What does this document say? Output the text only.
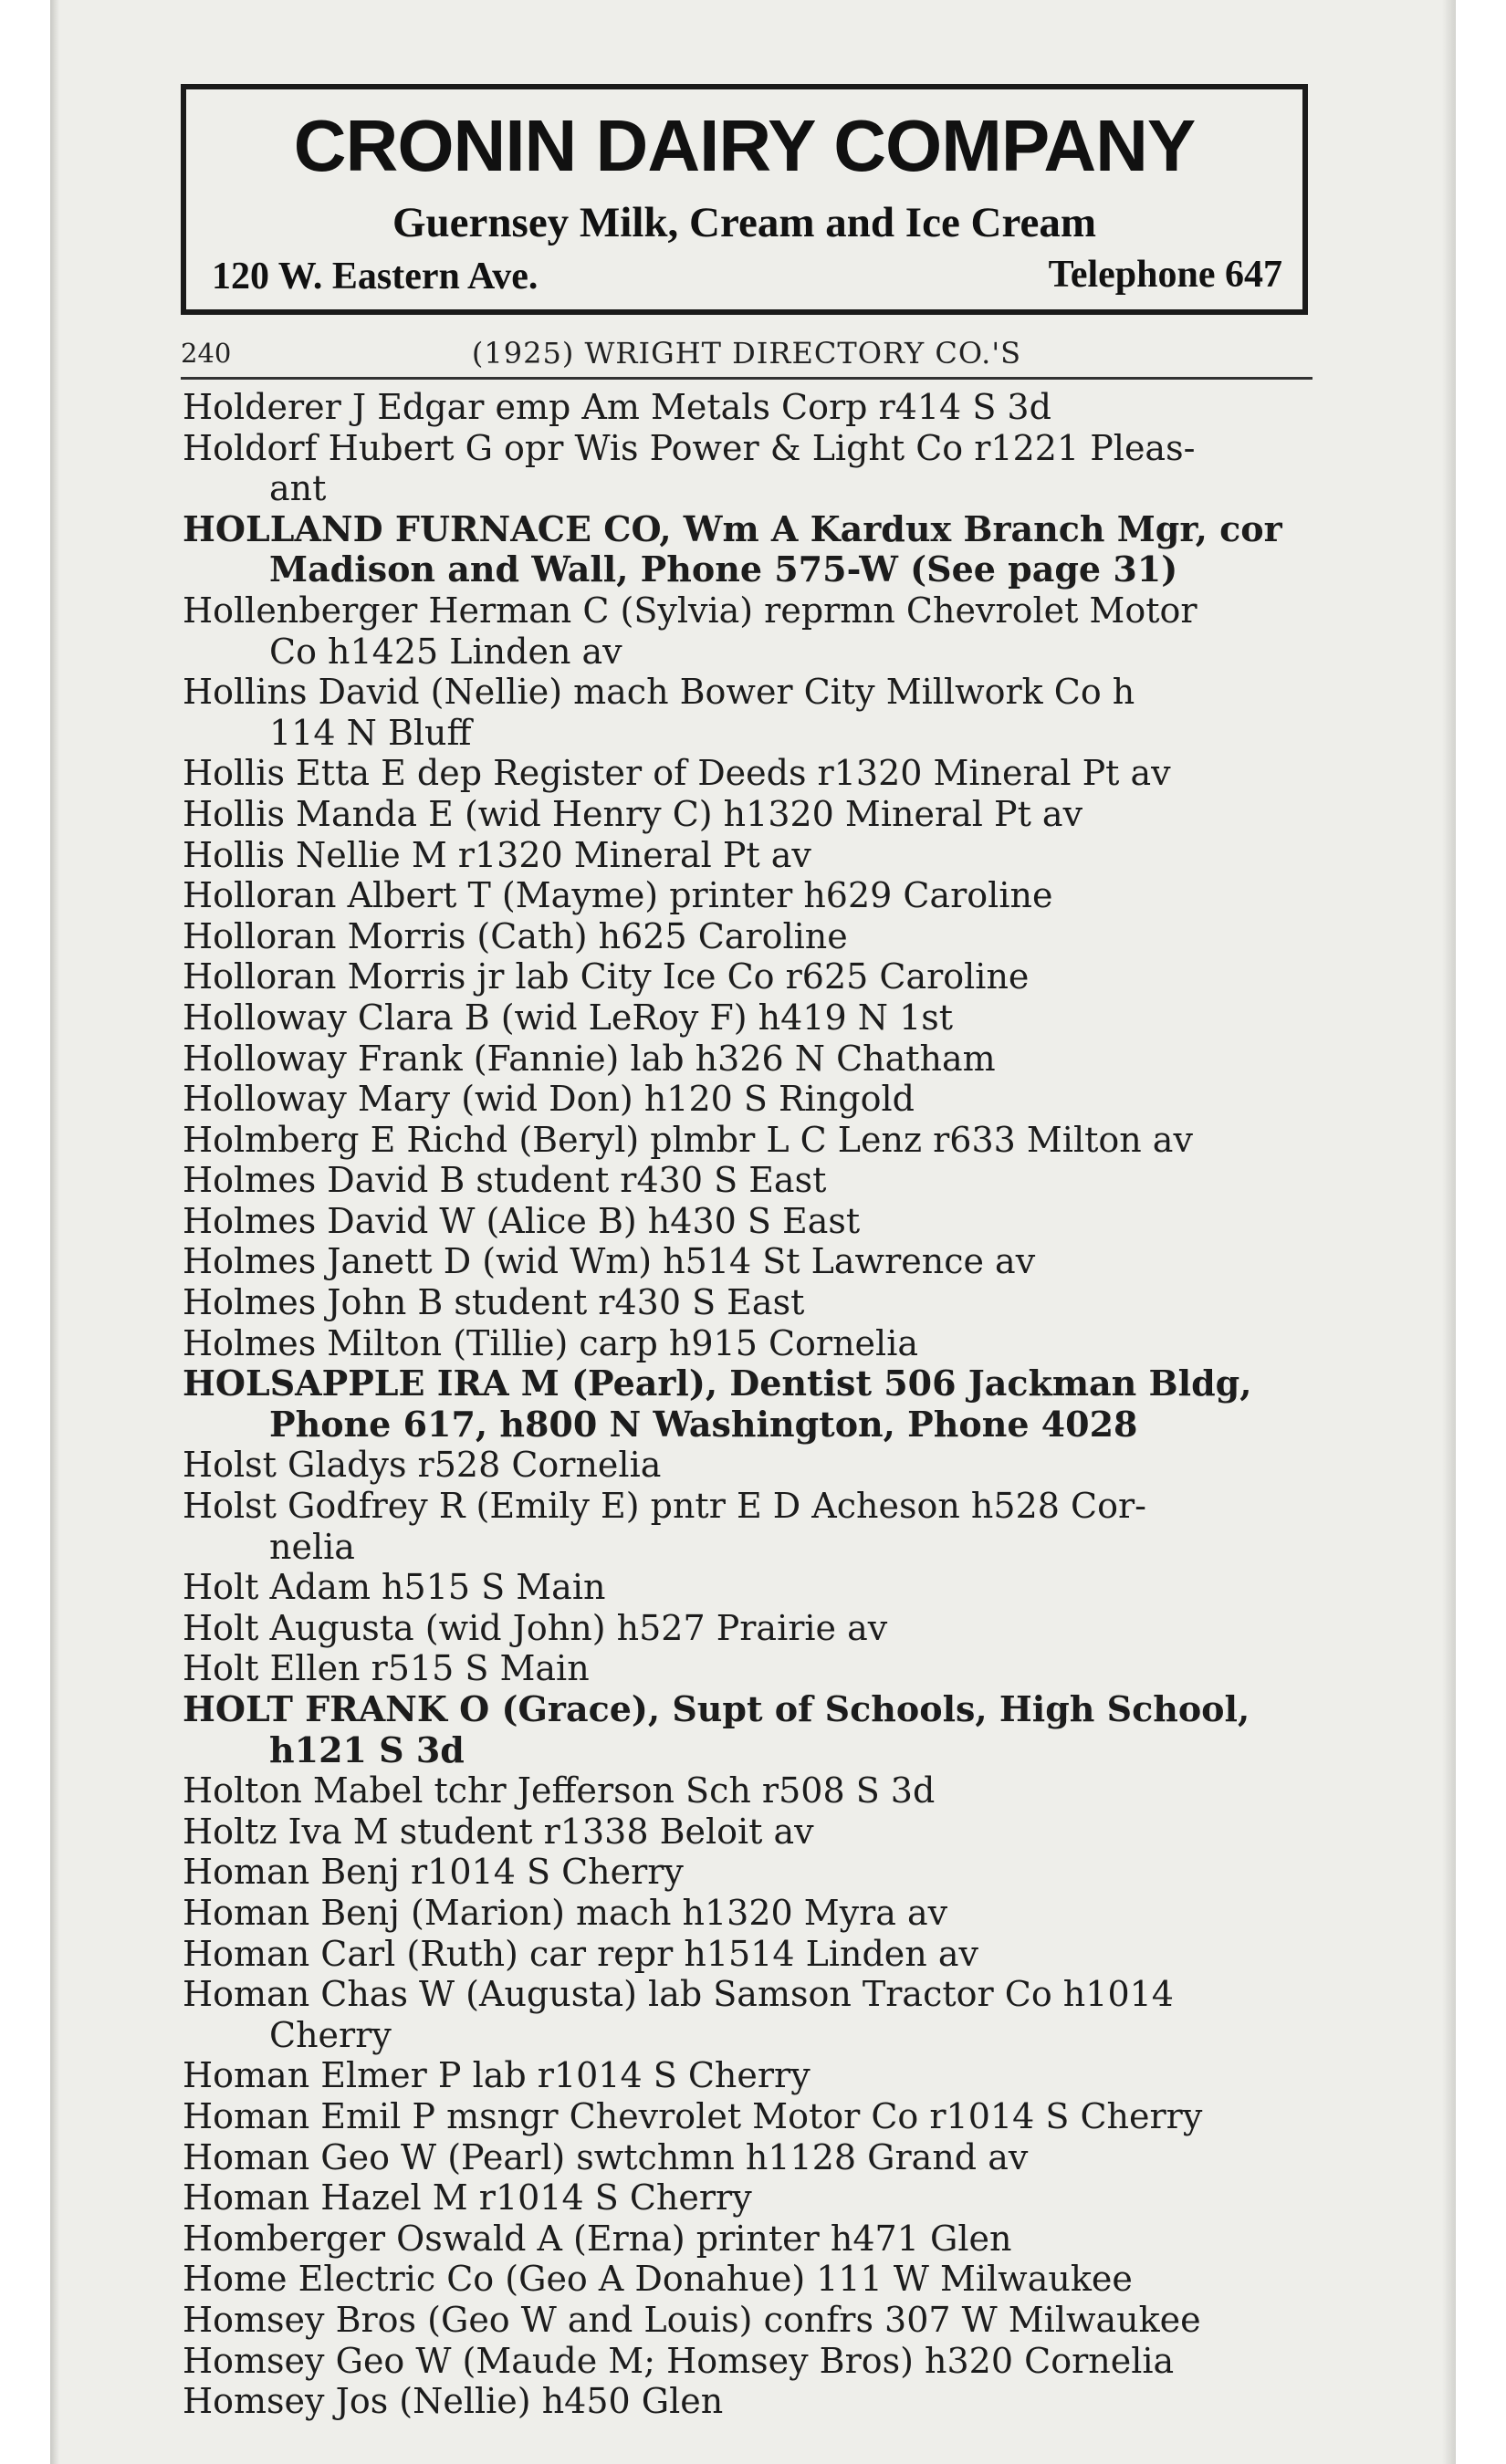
CRONIN DAIRY COMPANY
Guernsey Milk, Cream and Ice Cream
120 W. Eastern Ave.	Telephone 647
240	(1925) WRIGHT DIRECTORY CO.'S
Holderer J Edgar emp Am Metals Corp r414 S 3d
Holdorf Hubert G opr Wis Power & Light Co r1221 Pleas-
ant
HOLLAND FURNACE CO, Wm A Kardux Branch Mgr, cor
Madison and Wall, Phone 575-W (See page 31)
Hollenberger Herman C (Sylvia) reprmn Chevrolet Motor
Co h1425 Linden av
Hollins David (Nellie) mach Bower City Millwork Co h
114 N Bluff
Hollis Etta E dep Register of Deeds r1320 Mineral Pt av
Hollis Manda E (wid Henry C) h1320 Mineral Pt av
Hollis Nellie M r1320 Mineral Pt av
Holloran Albert T (Mayme) printer h629 Caroline
Holloran Morris (Cath) h625 Caroline
Holloran Morris jr lab City Ice Co r625 Caroline
Holloway Clara B (wid LeRoy F) h419 N 1st
Holloway Frank (Fannie) lab h326 N Chatham
Holloway Mary (wid Don) h120 S Ringold
Holmberg E Richd (Beryl) plmbr L C Lenz r633 Milton av
Holmes David B student r430 S East
Holmes David W (Alice B) h430 S East
Holmes Janett D (wid Wm) h514 St Lawrence av
Holmes John B student r430 S East
Holmes Milton (Tillie) carp h915 Cornelia
HOLSAPPLE IRA M (Pearl), Dentist 506 Jackman Bldg,
Phone 617, h800 N Washington, Phone 4028
Holst Gladys r528 Cornelia
Holst Godfrey R (Emily E) pntr E D Acheson h528 Cor-
nelia
Holt Adam h515 S Main
Holt Augusta (wid John) h527 Prairie av
Holt Ellen r515 S Main
HOLT FRANK O (Grace), Supt of Schools, High School,
h121 S 3d
Holton Mabel tchr Jefferson Sch r508 S 3d
Holtz Iva M student r1338 Beloit av
Homan Benj r1014 S Cherry
Homan Benj (Marion) mach h1320 Myra av
Homan Carl (Ruth) car repr h1514 Linden av
Homan Chas W (Augusta) lab Samson Tractor Co h1014
Cherry
Homan Elmer P lab r1014 S Cherry
Homan Emil P msngr Chevrolet Motor Co r1014 S Cherry
Homan Geo W (Pearl) swtchmn h1128 Grand av
Homan Hazel M r1014 S Cherry
Homberger Oswald A (Erna) printer h471 Glen
Home Electric Co (Geo A Donahue) 111 W Milwaukee
Homsey Bros (Geo W and Louis) confrs 307 W Milwaukee
Homsey Geo W (Maude M; Homsey Bros) h320 Cornelia
Homsey Jos (Nellie) h450 Glen
